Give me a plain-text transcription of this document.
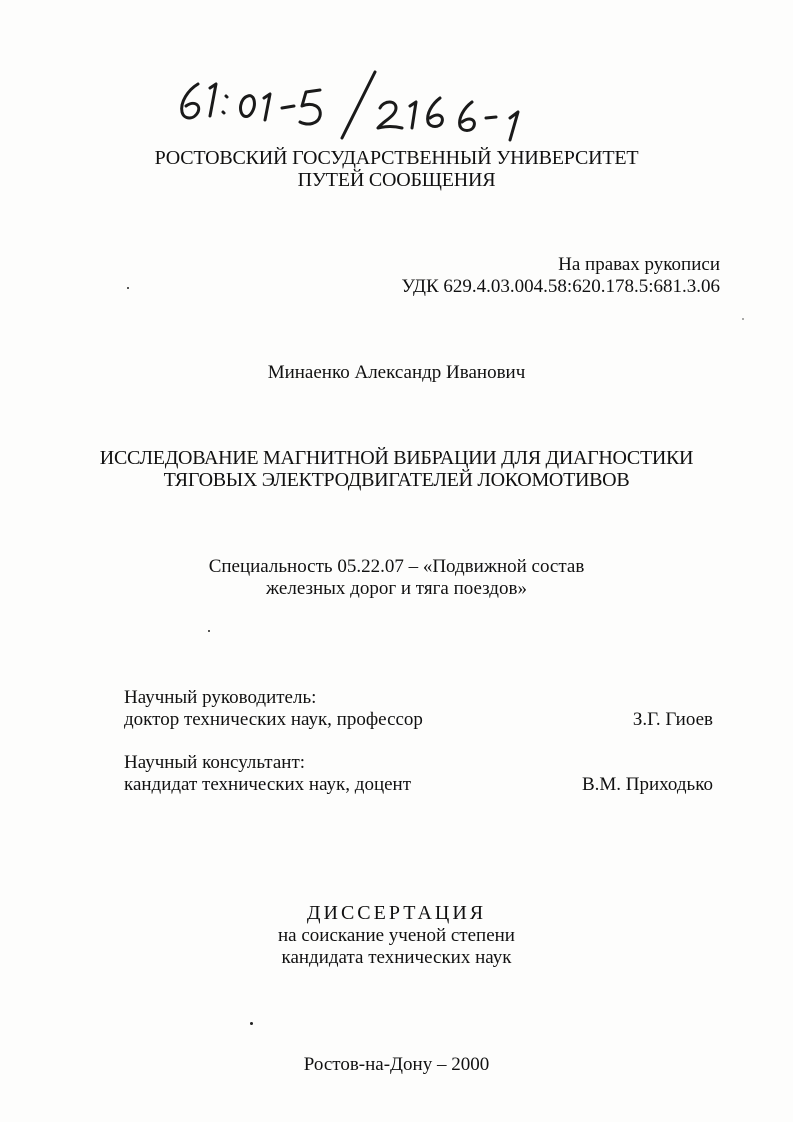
РОСТОВСКИЙ ГОСУДАРСТВЕННЫЙ УНИВЕРСИТЕТ
ПУТЕЙ СООБЩЕНИЯ
На правах рукописи
УДК 629.4.03.004.58:620.178.5:681.3.06
Минаенко Александр Иванович
ИССЛЕДОВАНИЕ МАГНИТНОЙ ВИБРАЦИИ ДЛЯ ДИАГНОСТИКИ
ТЯГОВЫХ ЭЛЕКТРОДВИГАТЕЛЕЙ ЛОКОМОТИВОВ
Специальность 05.22.07 – «Подвижной состав
железных дорог и тяга поездов»
Научный руководитель:
доктор технических наук, профессор	З.Г. Гиоев
Научный консультант:
кандидат технических наук, доцент	В.М. Приходько
ДИССЕРТАЦИЯ
на соискание ученой степени
кандидата технических наук
Ростов-на-Дону – 2000
